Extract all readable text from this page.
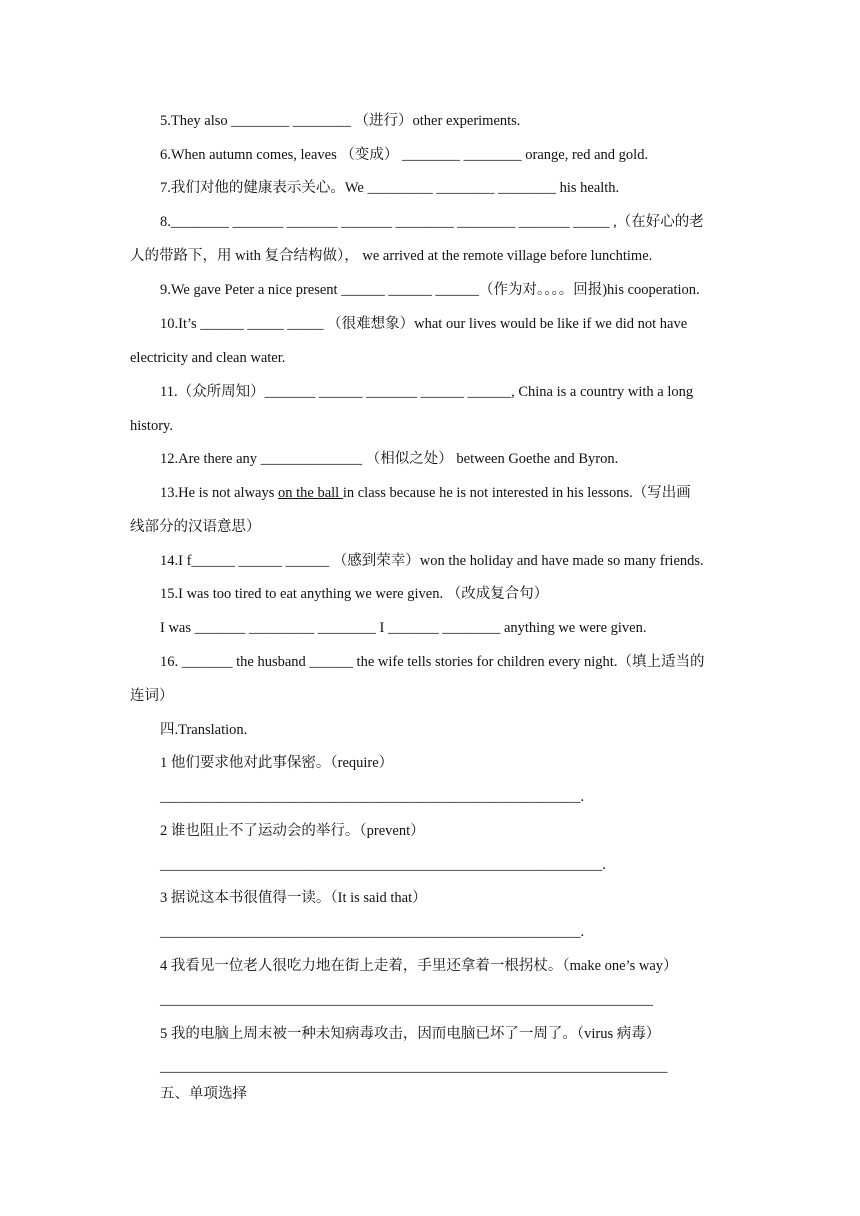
5.They also ________ ________ （进行）other experiments.
6.When autumn comes, leaves （变成） ________ ________ orange, red and gold.
7.我们对他的健康表示关心。We _________ ________ ________ his health.
8.________ _______ _______ _______ ________ ________ _______ _____ ,（在好心的老
人的带路下，用 with 复合结构做）， we arrived at the remote village before lunchtime.
9.We gave Peter a nice present ______ ______ ______（作为对。。。。回报)his cooperation.
10.It’s ______ _____ _____ （很难想象）what our lives would be like if we did not have
electricity and clean water.
11.（众所周知）_______ ______ _______ ______ ______, China is a country with a long
history.
12.Are there any ______________ （相似之处） between Goethe and Byron.
13.He is not always on the ball in class because he is not interested in his lessons.（写出画
线部分的汉语意思）
14.I f______ ______ ______ （感到荣幸）won the holiday and have made so many friends.
15.I was too tired to eat anything we were given. （改成复合句）
I was _______ _________ ________ I _______ ________ anything we were given.
16. _______ the husband ______ the wife tells stories for children every night.（填上适当的
连词）
四.Translation.
1 他们要求他对此事保密。（require）
__________________________________________________________.
2 谁也阻止不了运动会的举行。（prevent）
_____________________________________________________________.
3 据说这本书很值得一读。（It is said that）
__________________________________________________________.
4 我看见一位老人很吃力地在街上走着，手里还拿着一根拐杖。（make one’s way）
____________________________________________________________________
5 我的电脑上周末被一种未知病毒攻击，因而电脑已坏了一周了。（virus 病毒）
______________________________________________________________________
五、单项选择
